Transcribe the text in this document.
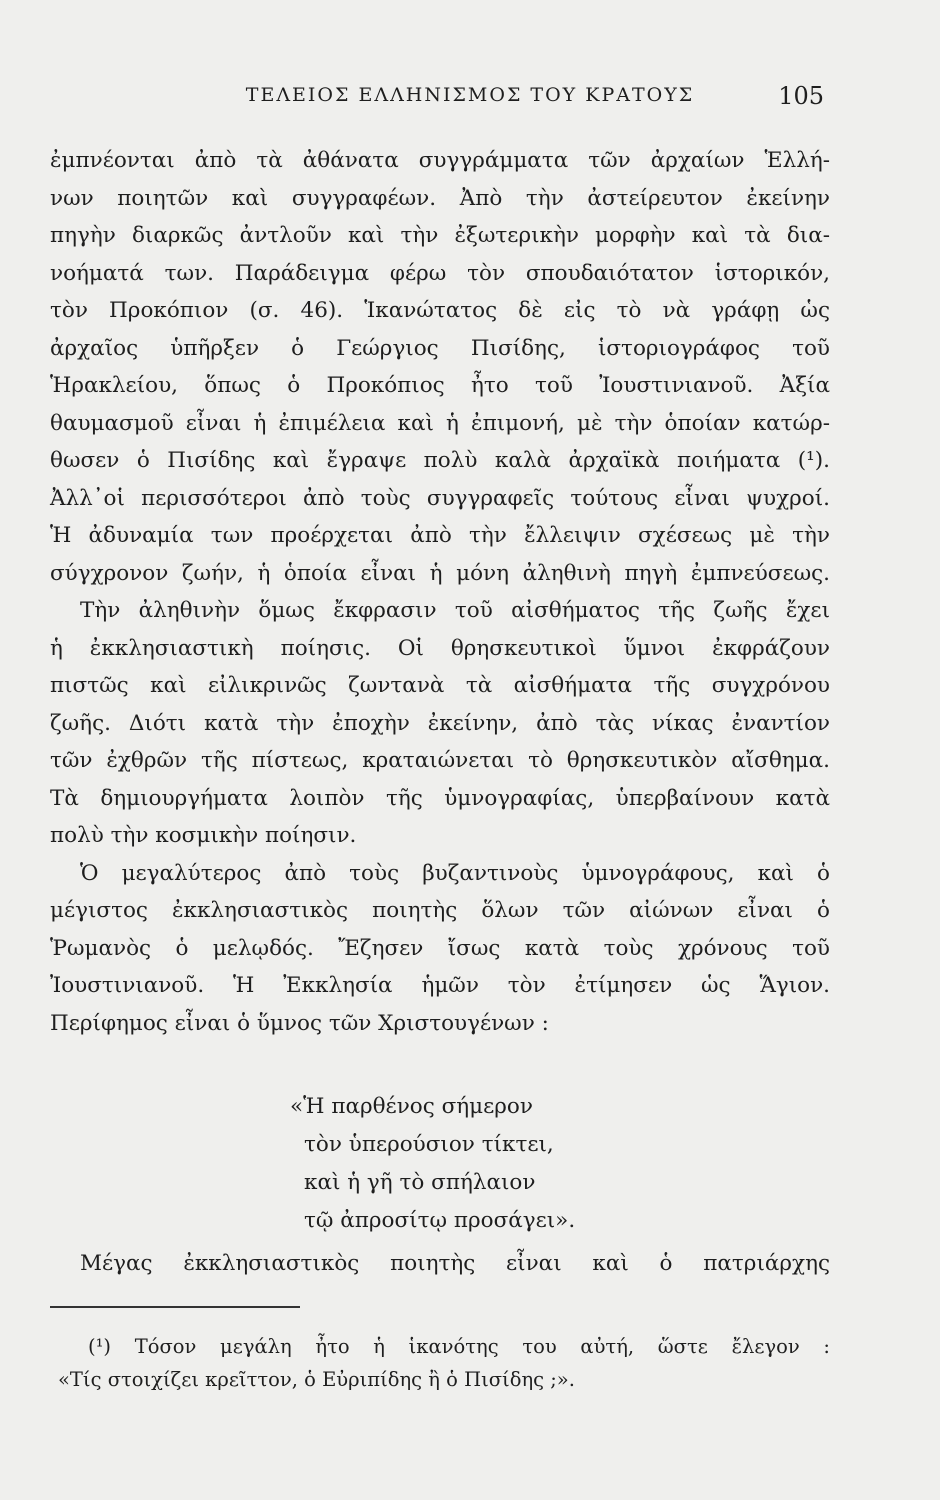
ΤΕΛΕΙΟΣ ΕΛΛΗΝΙΣΜΟΣ ΤΟΥ ΚΡΑΤΟΥΣ	105
ἐμπνέονται ἀπὸ τὰ ἀθάνατα συγγράμματα τῶν ἀρχαίων Ἑλλή-
νων ποιητῶν καὶ συγγραφέων. Ἀπὸ τὴν ἀστείρευτον ἐκείνην
πηγὴν διαρκῶς ἀντλοῦν καὶ τὴν ἐξωτερικὴν μορφὴν καὶ τὰ δια-
νοήματά των. Παράδειγμα φέρω τὸν σπουδαιότατον ἱστορικόν,
τὸν Προκόπιον (σ. 46). Ἱκανώτατος δὲ εἰς τὸ νὰ γράφῃ ὡς
ἀρχαῖος ὑπῆρξεν ὁ Γεώργιος Πισίδης, ἱστοριογράφος τοῦ
Ἡρακλείου, ὅπως ὁ Προκόπιος ἦτο τοῦ Ἰουστινιανοῦ. Ἀξία
θαυμασμοῦ εἶναι ἡ ἐπιμέλεια καὶ ἡ ἐπιμονή, μὲ τὴν ὁποίαν κατώρ-
θωσεν ὁ Πισίδης καὶ ἔγραψε πολὺ καλὰ ἀρχαϊκὰ ποιήματα (¹).
Ἀλλ᾽οἱ περισσότεροι ἀπὸ τοὺς συγγραφεῖς τούτους εἶναι ψυχροί.
Ἡ ἀδυναμία των προέρχεται ἀπὸ τὴν ἔλλειψιν σχέσεως μὲ τὴν
σύγχρονον ζωήν, ἡ ὁποία εἶναι ἡ μόνη ἀληθινὴ πηγὴ ἐμπνεύσεως.
Τὴν ἀληθινὴν ὅμως ἔκφρασιν τοῦ αἰσθήματος τῆς ζωῆς ἔχει
ἡ ἐκκλησιαστικὴ ποίησις. Οἱ θρησκευτικοὶ ὕμνοι ἐκφράζουν
πιστῶς καὶ εἰλικρινῶς ζωντανὰ τὰ αἰσθήματα τῆς συγχρόνου
ζωῆς. Διότι κατὰ τὴν ἐποχὴν ἐκείνην, ἀπὸ τὰς νίκας ἐναντίον
τῶν ἐχθρῶν τῆς πίστεως, κραταιώνεται τὸ θρησκευτικὸν αἴσθημα.
Τὰ δημιουργήματα λοιπὸν τῆς ὑμνογραφίας, ὑπερβαίνουν κατὰ
πολὺ τὴν κοσμικὴν ποίησιν.
Ὁ μεγαλύτερος ἀπὸ τοὺς βυζαντινοὺς ὑμνογράφους, καὶ ὁ
μέγιστος ἐκκλησιαστικὸς ποιητὴς ὅλων τῶν αἰώνων εἶναι ὁ
Ῥωμανὸς ὁ μελῳδός. Ἔζησεν ἴσως κατὰ τοὺς χρόνους τοῦ
Ἰουστινιανοῦ. Ἡ Ἐκκλησία ἡμῶν τὸν ἐτίμησεν ὡς Ἅγιον.
Περίφημος εἶναι ὁ ὕμνος τῶν Χριστουγένων :
«Ἡ παρθένος σήμερον
τὸν ὑπερούσιον τίκτει,
καὶ ἡ γῆ τὸ σπήλαιον
τῷ ἀπροσίτῳ προσάγει».
Μέγας ἐκκλησιαστικὸς ποιητὴς εἶναι καὶ ὁ πατριάρχης
(¹) Τόσον μεγάλη ἦτο ἡ ἱκανότης του αὐτή, ὥστε ἔλεγον :
«Τίς στοιχίζει κρεῖττον, ὁ Εὐριπίδης ἢ ὁ Πισίδης ;».
